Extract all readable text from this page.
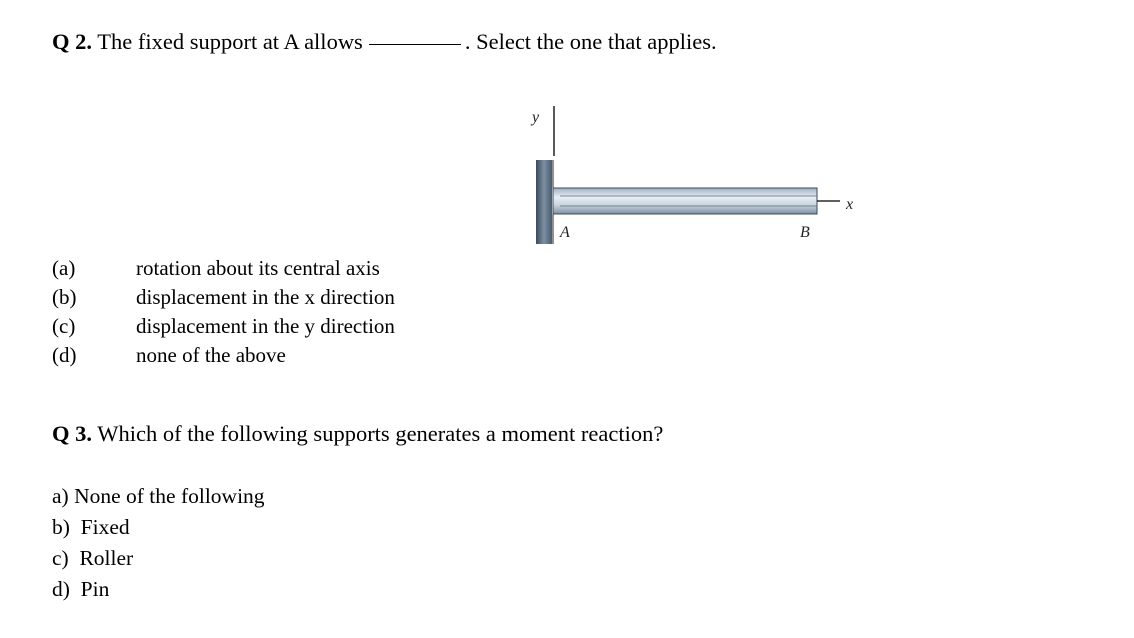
Q 2. The fixed support at A allows	. Select the one that applies.
y
x
A	B
(a)
(b)
(c)
(d)
rotation about its central axis
displacement in the x direction
displacement in the y direction
none of the above
Q 3. Which of the following supports generates a moment reaction?
a) None of the following
b) Fixed
c) Roller
d) Pin
